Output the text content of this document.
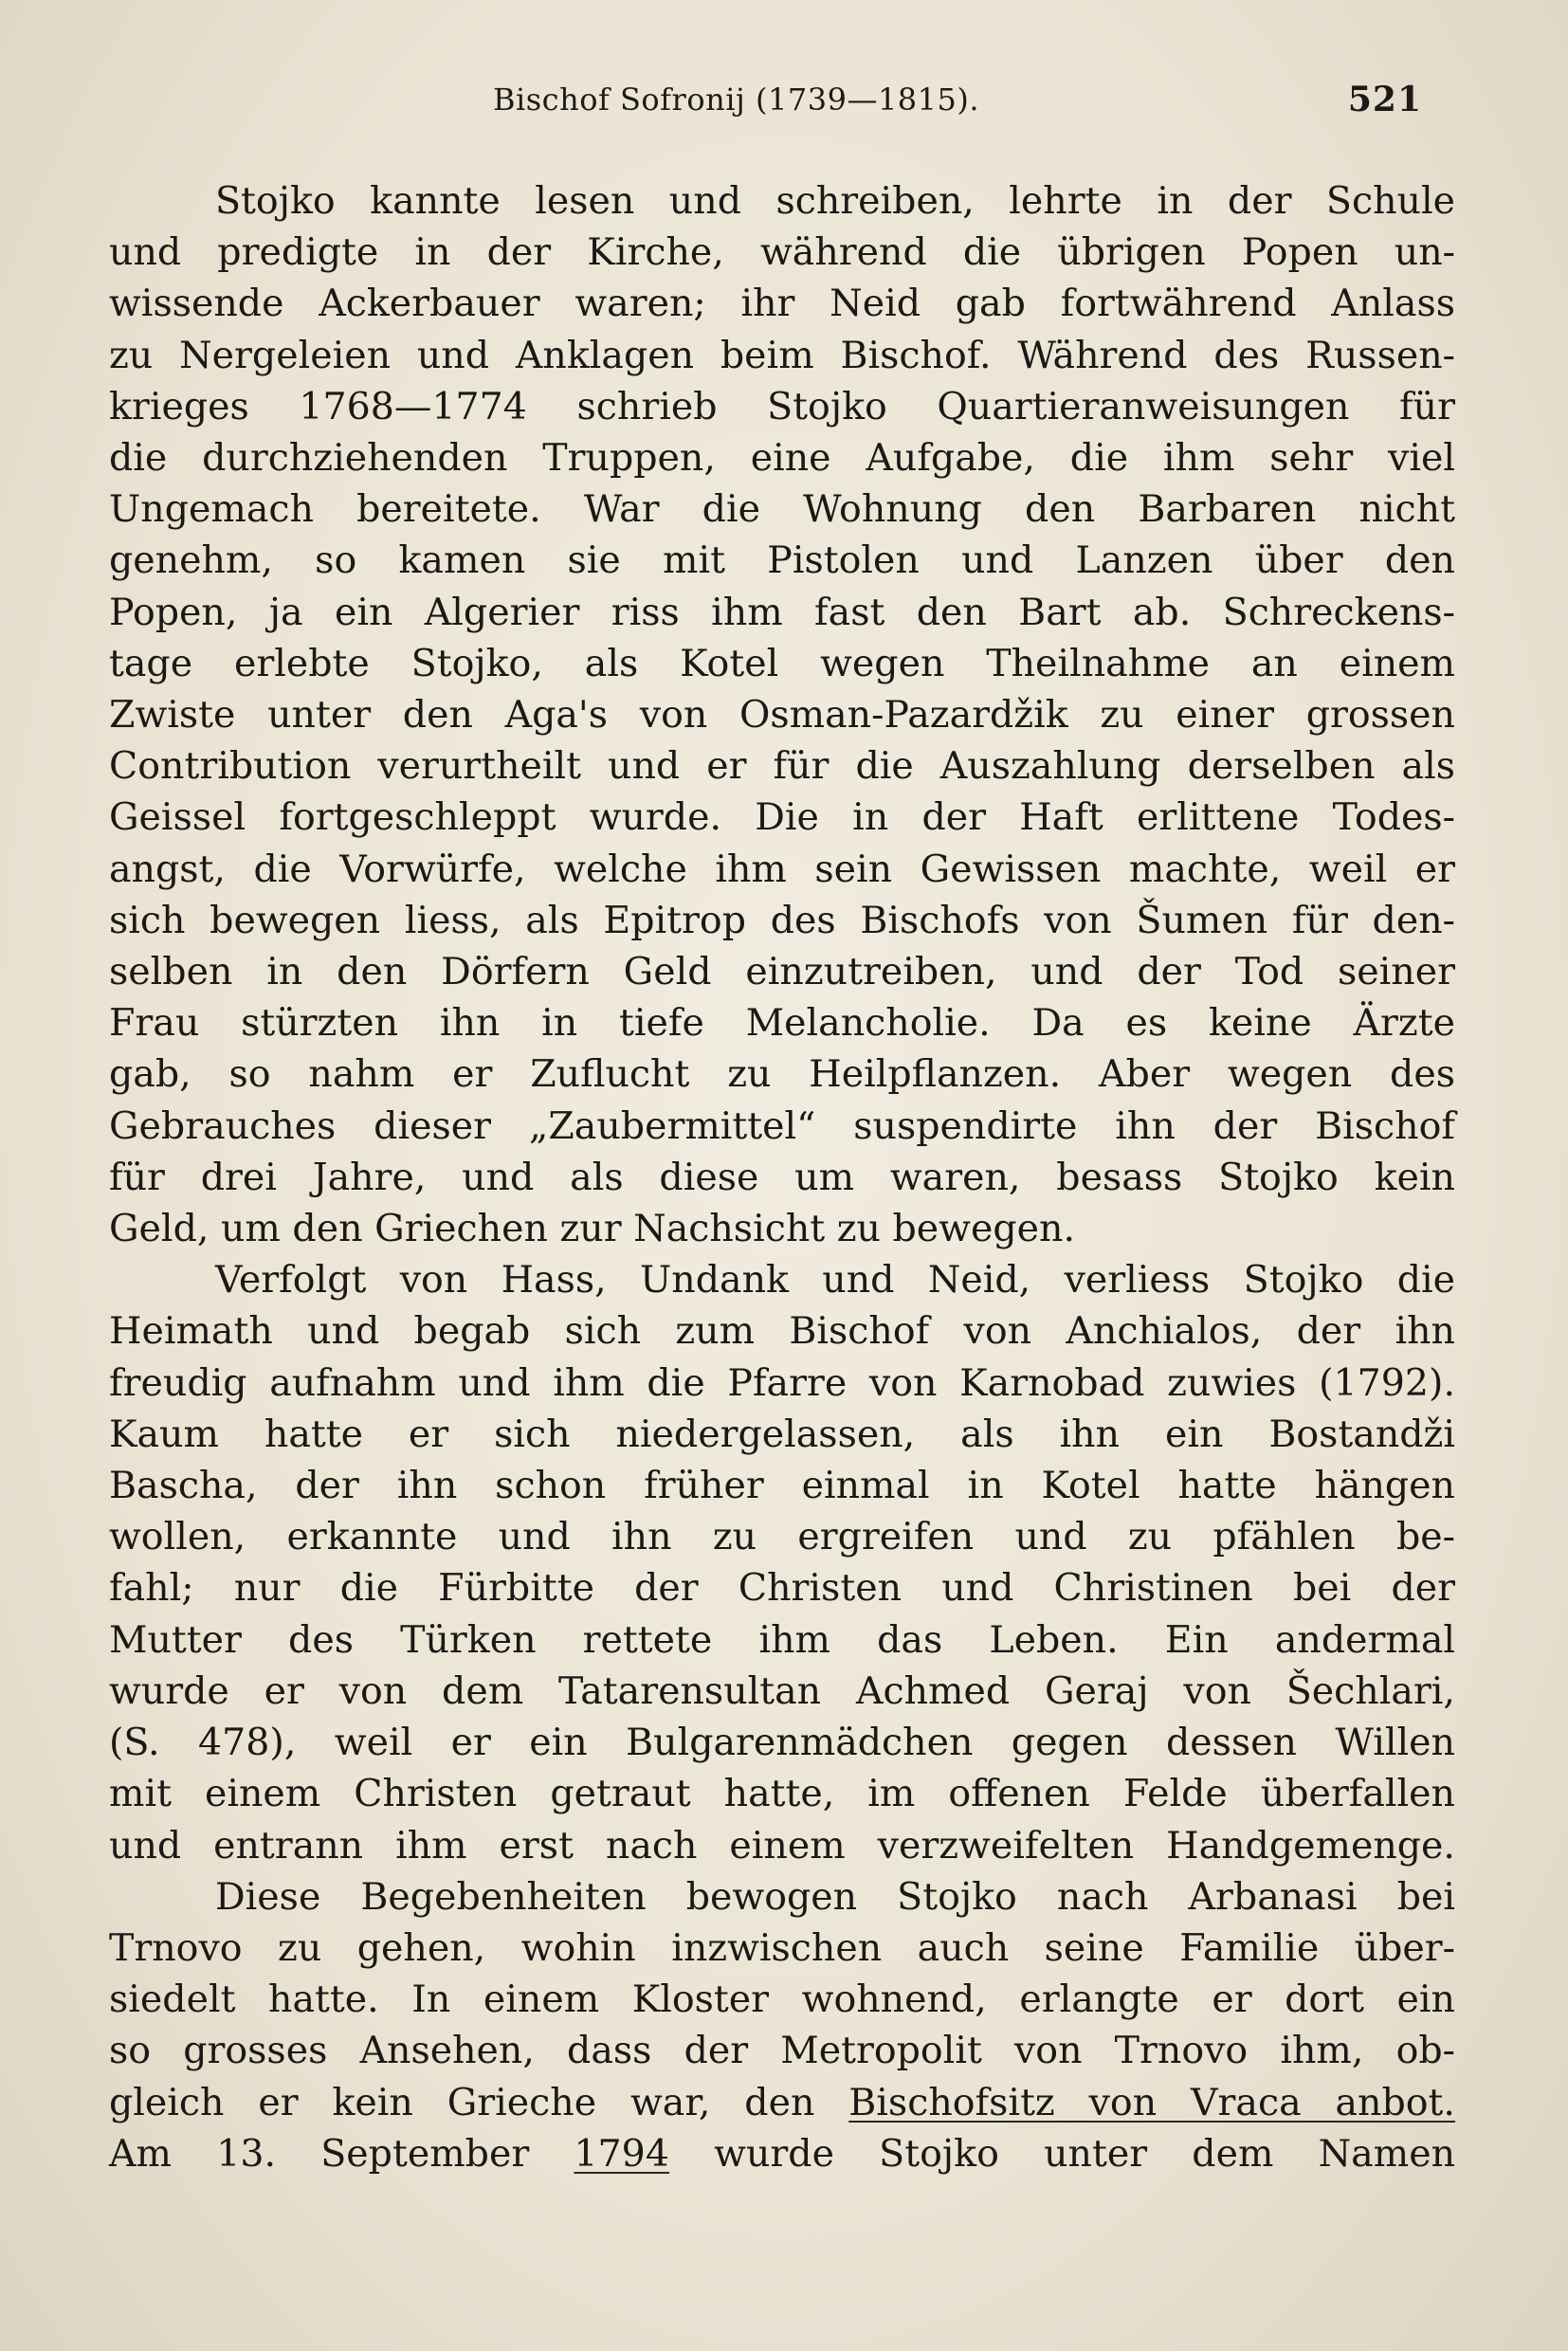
Bischof Sofronij (1739—1815).	521

Stojko kannte lesen und schreiben, lehrte in der Schule
und predigte in der Kirche, während die übrigen Popen un-
wissende Ackerbauer waren; ihr Neid gab fortwährend Anlass
zu Nergeleien und Anklagen beim Bischof. Während des Russen-
krieges 1768—1774 schrieb Stojko Quartieranweisungen für
die durchziehenden Truppen, eine Aufgabe, die ihm sehr viel
Ungemach bereitete. War die Wohnung den Barbaren nicht
genehm, so kamen sie mit Pistolen und Lanzen über den
Popen, ja ein Algerier riss ihm fast den Bart ab. Schreckens-
tage erlebte Stojko, als Kotel wegen Theilnahme an einem
Zwiste unter den Aga's von Osman-Pazardžik zu einer grossen
Contribution verurtheilt und er für die Auszahlung derselben als
Geissel fortgeschleppt wurde. Die in der Haft erlittene Todes-
angst, die Vorwürfe, welche ihm sein Gewissen machte, weil er
sich bewegen liess, als Epitrop des Bischofs von Šumen für den-
selben in den Dörfern Geld einzutreiben, und der Tod seiner
Frau stürzten ihn in tiefe Melancholie. Da es keine Ärzte
gab, so nahm er Zuflucht zu Heilpflanzen. Aber wegen des
Gebrauches dieser „Zaubermittel“ suspendirte ihn der Bischof
für drei Jahre, und als diese um waren, besass Stojko kein
Geld, um den Griechen zur Nachsicht zu bewegen.

Verfolgt von Hass, Undank und Neid, verliess Stojko die
Heimath und begab sich zum Bischof von Anchialos, der ihn
freudig aufnahm und ihm die Pfarre von Karnobad zuwies (1792).
Kaum hatte er sich niedergelassen, als ihn ein Bostandži
Bascha, der ihn schon früher einmal in Kotel hatte hängen
wollen, erkannte und ihn zu ergreifen und zu pfählen be-
fahl; nur die Fürbitte der Christen und Christinen bei der
Mutter des Türken rettete ihm das Leben. Ein andermal
wurde er von dem Tatarensultan Achmed Geraj von Šechlari,
(S. 478), weil er ein Bulgarenmädchen gegen dessen Willen
mit einem Christen getraut hatte, im offenen Felde überfallen
und entrann ihm erst nach einem verzweifelten Handgemenge.

Diese Begebenheiten bewogen Stojko nach Arbanasi bei
Trnovo zu gehen, wohin inzwischen auch seine Familie über-
siedelt hatte. In einem Kloster wohnend, erlangte er dort ein
so grosses Ansehen, dass der Metropolit von Trnovo ihm, ob-
gleich er kein Grieche war, den Bischofsitz von Vraca anbot.
Am 13. September 1794 wurde Stojko unter dem Namen
